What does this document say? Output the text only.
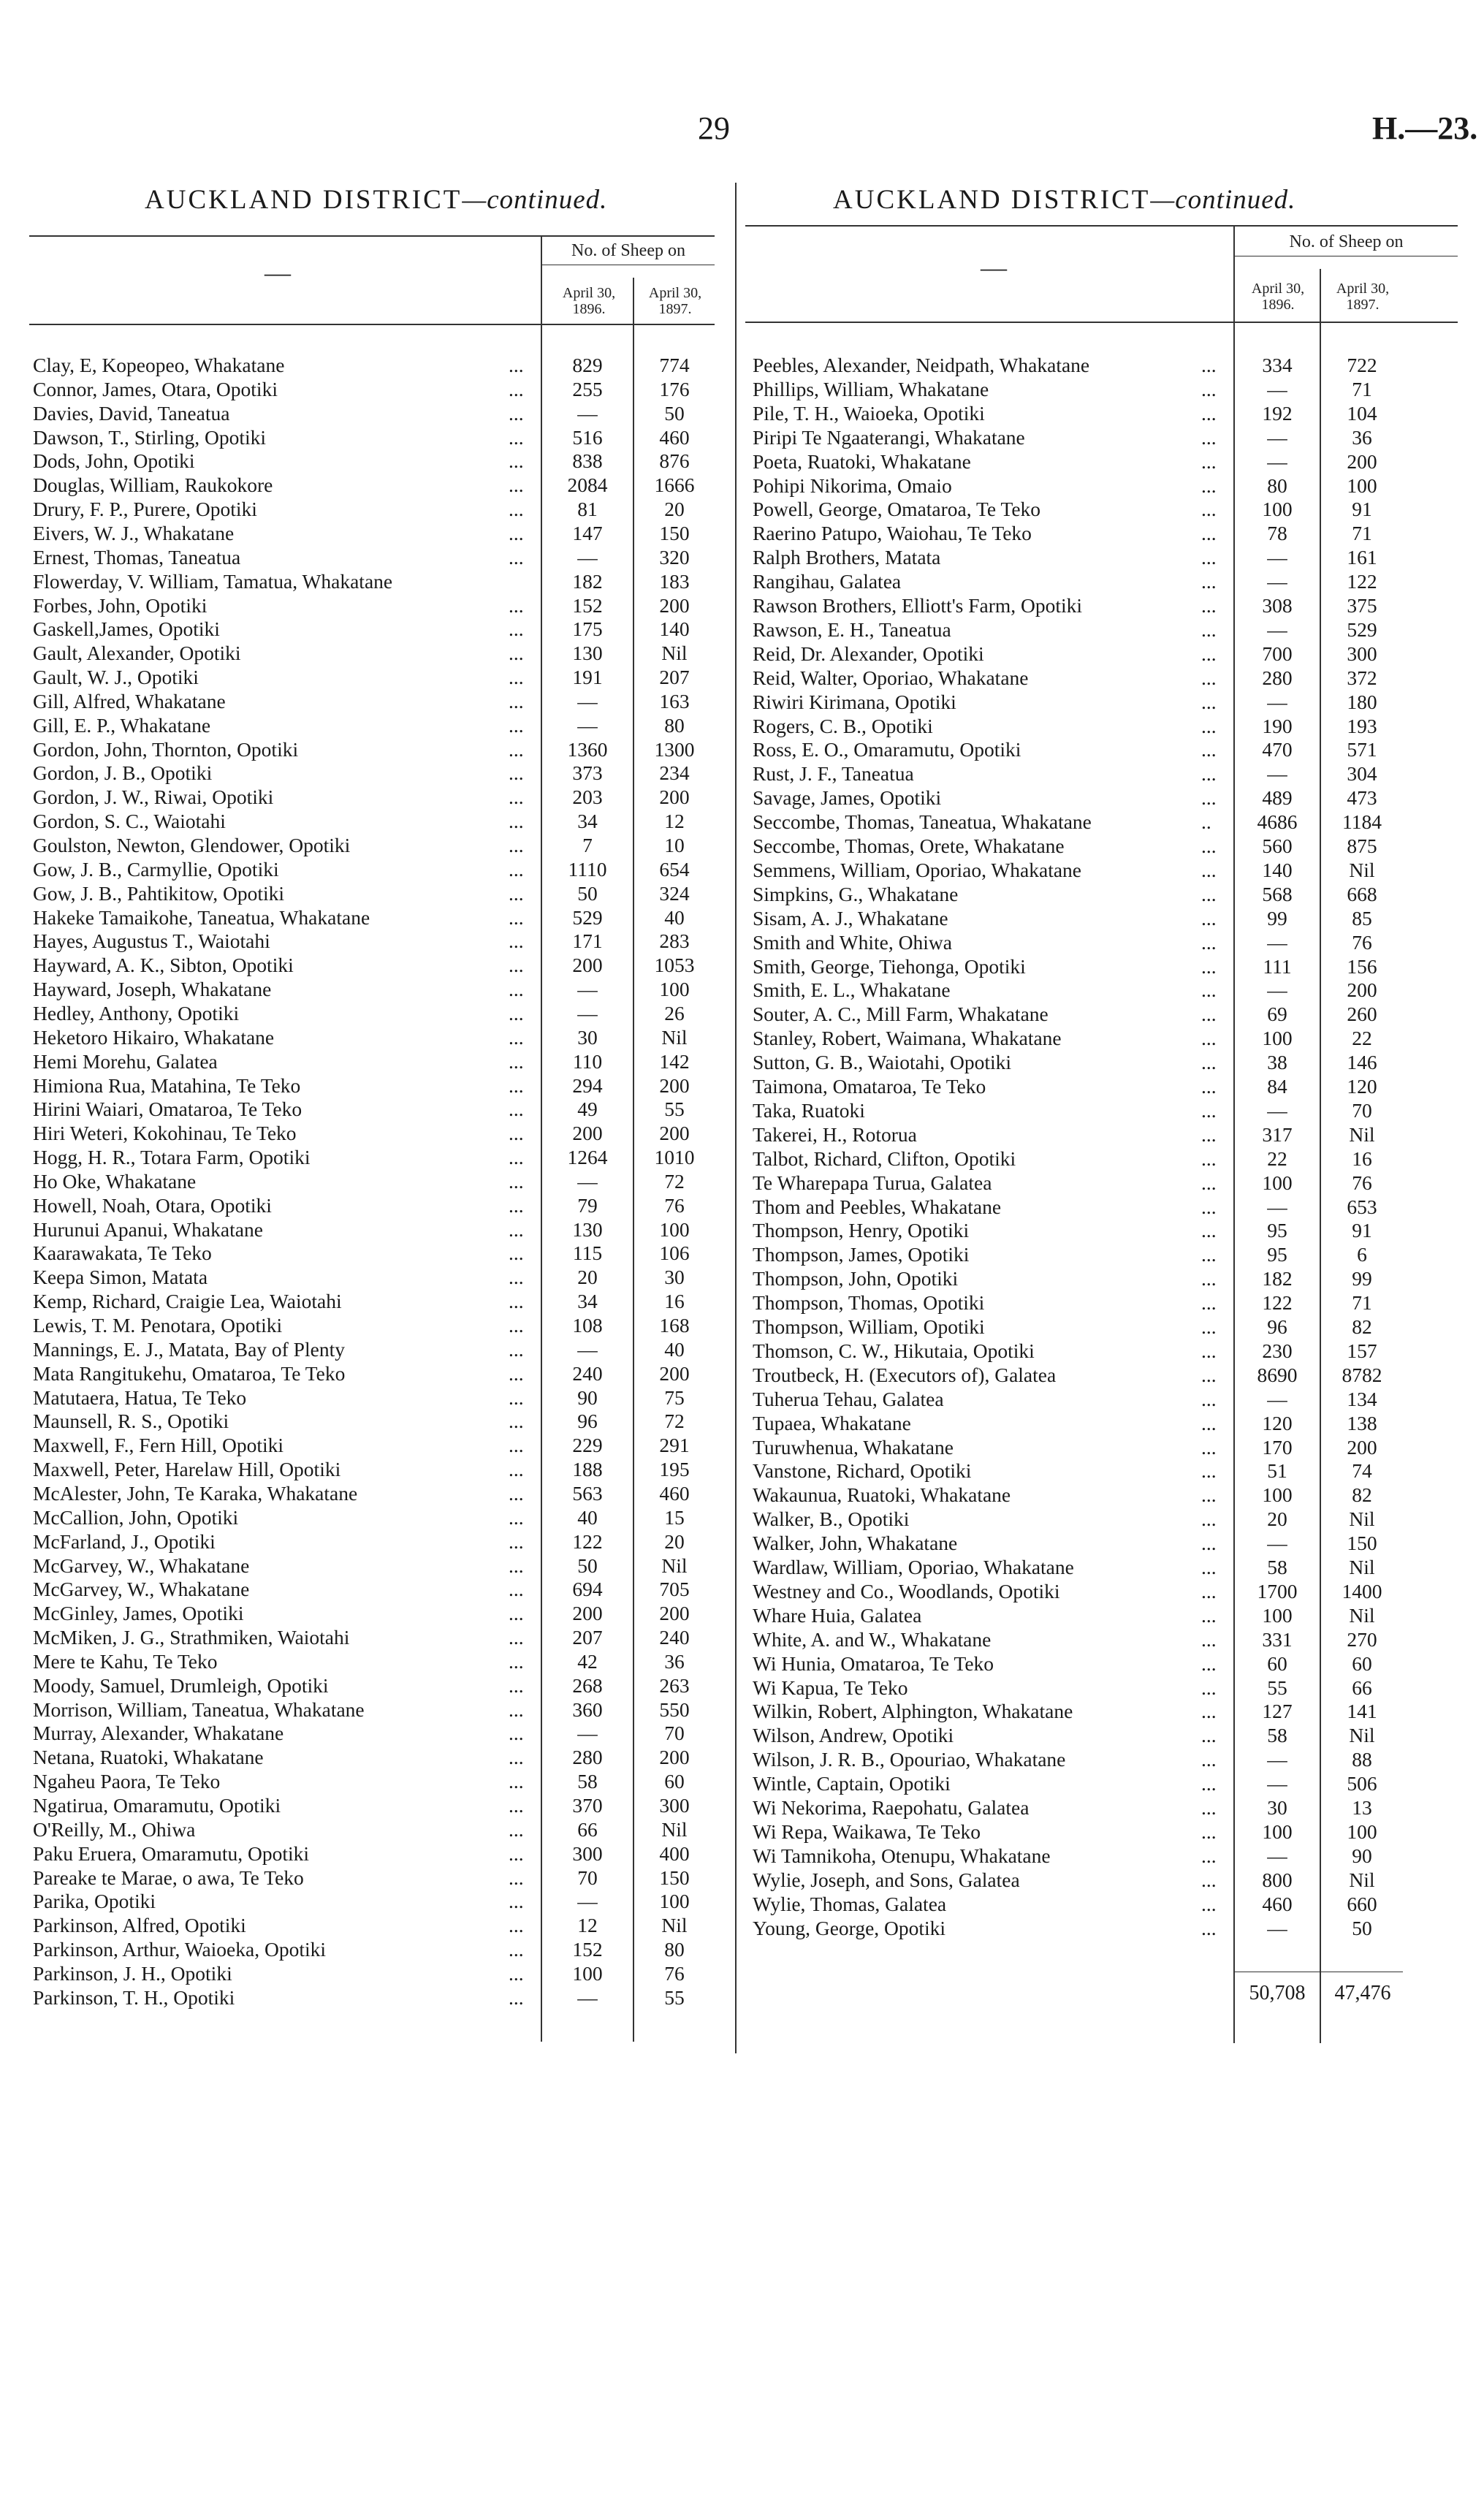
29	H.—23.
AUCKLAND DISTRICT—continued.
—
No. of Sheep on
April 30, 1896.
April 30, 1897.
Clay, E, Kopeopeo, Whakatane	...	829	774
Connor, James, Otara, Opotiki	...	255	176
Davies, David, Taneatua	...	—	50
Dawson, T., Stirling, Opotiki	...	516	460
Dods, John, Opotiki	...	838	876
Douglas, William, Raukokore	...	2084	1666
Drury, F. P., Purere, Opotiki	...	81	20
Eivers, W. J., Whakatane	...	147	150
Ernest, Thomas, Taneatua	...	—	320
Flowerday, V. William, Tamatua, Whakatane	182	183
Forbes, John, Opotiki	...	152	200
Gaskell,James, Opotiki	...	175	140
Gault, Alexander, Opotiki	...	130	Nil
Gault, W. J., Opotiki	...	191	207
Gill, Alfred, Whakatane	...	—	163
Gill, E. P., Whakatane	...	—	80
Gordon, John, Thornton, Opotiki	...	1360	1300
Gordon, J. B., Opotiki	...	373	234
Gordon, J. W., Riwai, Opotiki	...	203	200
Gordon, S. C., Waiotahi	...	34	12
Goulston, Newton, Glendower, Opotiki	...	7	10
Gow, J. B., Carmyllie, Opotiki	...	1110	654
Gow, J. B., Pahtikitow, Opotiki	...	50	324
Hakeke Tamaikohe, Taneatua, Whakatane	...	529	40
Hayes, Augustus T., Waiotahi	...	171	283
Hayward, A. K., Sibton, Opotiki	...	200	1053
Hayward, Joseph, Whakatane	...	—	100
Hedley, Anthony, Opotiki	...	—	26
Heketoro Hikairo, Whakatane	...	30	Nil
Hemi Morehu, Galatea	...	110	142
Himiona Rua, Matahina, Te Teko	...	294	200
Hirini Waiari, Omataroa, Te Teko	...	49	55
Hiri Weteri, Kokohinau, Te Teko	...	200	200
Hogg, H. R., Totara Farm, Opotiki	...	1264	1010
Ho Oke, Whakatane	...	—	72
Howell, Noah, Otara, Opotiki	...	79	76
Hurunui Apanui, Whakatane	...	130	100
Kaarawakata, Te Teko	...	115	106
Keepa Simon, Matata	...	20	30
Kemp, Richard, Craigie Lea, Waiotahi	...	34	16
Lewis, T. M. Penotara, Opotiki	...	108	168
Mannings, E. J., Matata, Bay of Plenty	...	—	40
Mata Rangitukehu, Omataroa, Te Teko	...	240	200
Matutaera, Hatua, Te Teko	...	90	75
Maunsell, R. S., Opotiki	...	96	72
Maxwell, F., Fern Hill, Opotiki	...	229	291
Maxwell, Peter, Harelaw Hill, Opotiki	...	188	195
McAlester, John, Te Karaka, Whakatane	...	563	460
McCallion, John, Opotiki	...	40	15
McFarland, J., Opotiki	...	122	20
McGarvey, W., Whakatane	...	50	Nil
McGarvey, W., Whakatane	...	694	705
McGinley, James, Opotiki	...	200	200
McMiken, J. G., Strathmiken, Waiotahi	...	207	240
Mere te Kahu, Te Teko	...	42	36
Moody, Samuel, Drumleigh, Opotiki	...	268	263
Morrison, William, Taneatua, Whakatane	...	360	550
Murray, Alexander, Whakatane	...	—	70
Netana, Ruatoki, Whakatane	...	280	200
Ngaheu Paora, Te Teko	...	58	60
Ngatirua, Omaramutu, Opotiki	...	370	300
O'Reilly, M., Ohiwa	...	66	Nil
Paku Eruera, Omaramutu, Opotiki	...	300	400
Pareake te Marae, o awa, Te Teko	...	70	150
Parika, Opotiki	...	—	100
Parkinson, Alfred, Opotiki	...	12	Nil
Parkinson, Arthur, Waioeka, Opotiki	...	152	80
Parkinson, J. H., Opotiki	...	100	76
Parkinson, T. H., Opotiki	...	—	55
AUCKLAND DISTRICT—continued.
—
No. of Sheep on
April 30, 1896.
April 30, 1897.
Peebles, Alexander, Neidpath, Whakatane	...	334	722
Phillips, William, Whakatane	...	—	71
Pile, T. H., Waioeka, Opotiki	...	192	104
Piripi Te Ngaaterangi, Whakatane	...	—	36
Poeta, Ruatoki, Whakatane	...	—	200
Pohipi Nikorima, Omaio	...	80	100
Powell, George, Omataroa, Te Teko	...	100	91
Raerino Patupo, Waiohau, Te Teko	...	78	71
Ralph Brothers, Matata	...	—	161
Rangihau, Galatea	...	—	122
Rawson Brothers, Elliott's Farm, Opotiki	...	308	375
Rawson, E. H., Taneatua	...	—	529
Reid, Dr. Alexander, Opotiki	...	700	300
Reid, Walter, Oporiao, Whakatane	...	280	372
Riwiri Kirimana, Opotiki	...	—	180
Rogers, C. B., Opotiki	...	190	193
Ross, E. O., Omaramutu, Opotiki	...	470	571
Rust, J. F., Taneatua	...	—	304
Savage, James, Opotiki	...	489	473
Seccombe, Thomas, Taneatua, Whakatane	..	4686	1184
Seccombe, Thomas, Orete, Whakatane	...	560	875
Semmens, William, Oporiao, Whakatane	...	140	Nil
Simpkins, G., Whakatane	...	568	668
Sisam, A. J., Whakatane	...	99	85
Smith and White, Ohiwa	...	—	76
Smith, George, Tiehonga, Opotiki	...	111	156
Smith, E. L., Whakatane	...	—	200
Souter, A. C., Mill Farm, Whakatane	...	69	260
Stanley, Robert, Waimana, Whakatane	...	100	22
Sutton, G. B., Waiotahi, Opotiki	...	38	146
Taimona, Omataroa, Te Teko	...	84	120
Taka, Ruatoki	...	—	70
Takerei, H., Rotorua	...	317	Nil
Talbot, Richard, Clifton, Opotiki	...	22	16
Te Wharepapa Turua, Galatea	...	100	76
Thom and Peebles, Whakatane	...	—	653
Thompson, Henry, Opotiki	...	95	91
Thompson, James, Opotiki	...	95	6
Thompson, John, Opotiki	...	182	99
Thompson, Thomas, Opotiki	...	122	71
Thompson, William, Opotiki	...	96	82
Thomson, C. W., Hikutaia, Opotiki	...	230	157
Troutbeck, H. (Executors of), Galatea	...	8690	8782
Tuherua Tehau, Galatea	...	—	134
Tupaea, Whakatane	...	120	138
Turuwhenua, Whakatane	...	170	200
Vanstone, Richard, Opotiki	...	51	74
Wakaunua, Ruatoki, Whakatane	...	100	82
Walker, B., Opotiki	...	20	Nil
Walker, John, Whakatane	...	—	150
Wardlaw, William, Oporiao, Whakatane	...	58	Nil
Westney and Co., Woodlands, Opotiki	...	1700	1400
Whare Huia, Galatea	...	100	Nil
White, A. and W., Whakatane	...	331	270
Wi Hunia, Omataroa, Te Teko	...	60	60
Wi Kapua, Te Teko	...	55	66
Wilkin, Robert, Alphington, Whakatane	...	127	141
Wilson, Andrew, Opotiki	...	58	Nil
Wilson, J. R. B., Opouriao, Whakatane	...	—	88
Wintle, Captain, Opotiki	...	—	506
Wi Nekorima, Raepohatu, Galatea	...	30	13
Wi Repa, Waikawa, Te Teko	...	100	100
Wi Tamnikoha, Otenupu, Whakatane	...	—	90
Wylie, Joseph, and Sons, Galatea	...	800	Nil
Wylie, Thomas, Galatea	...	460	660
Young, George, Opotiki	...	—	50
50,708	47,476
